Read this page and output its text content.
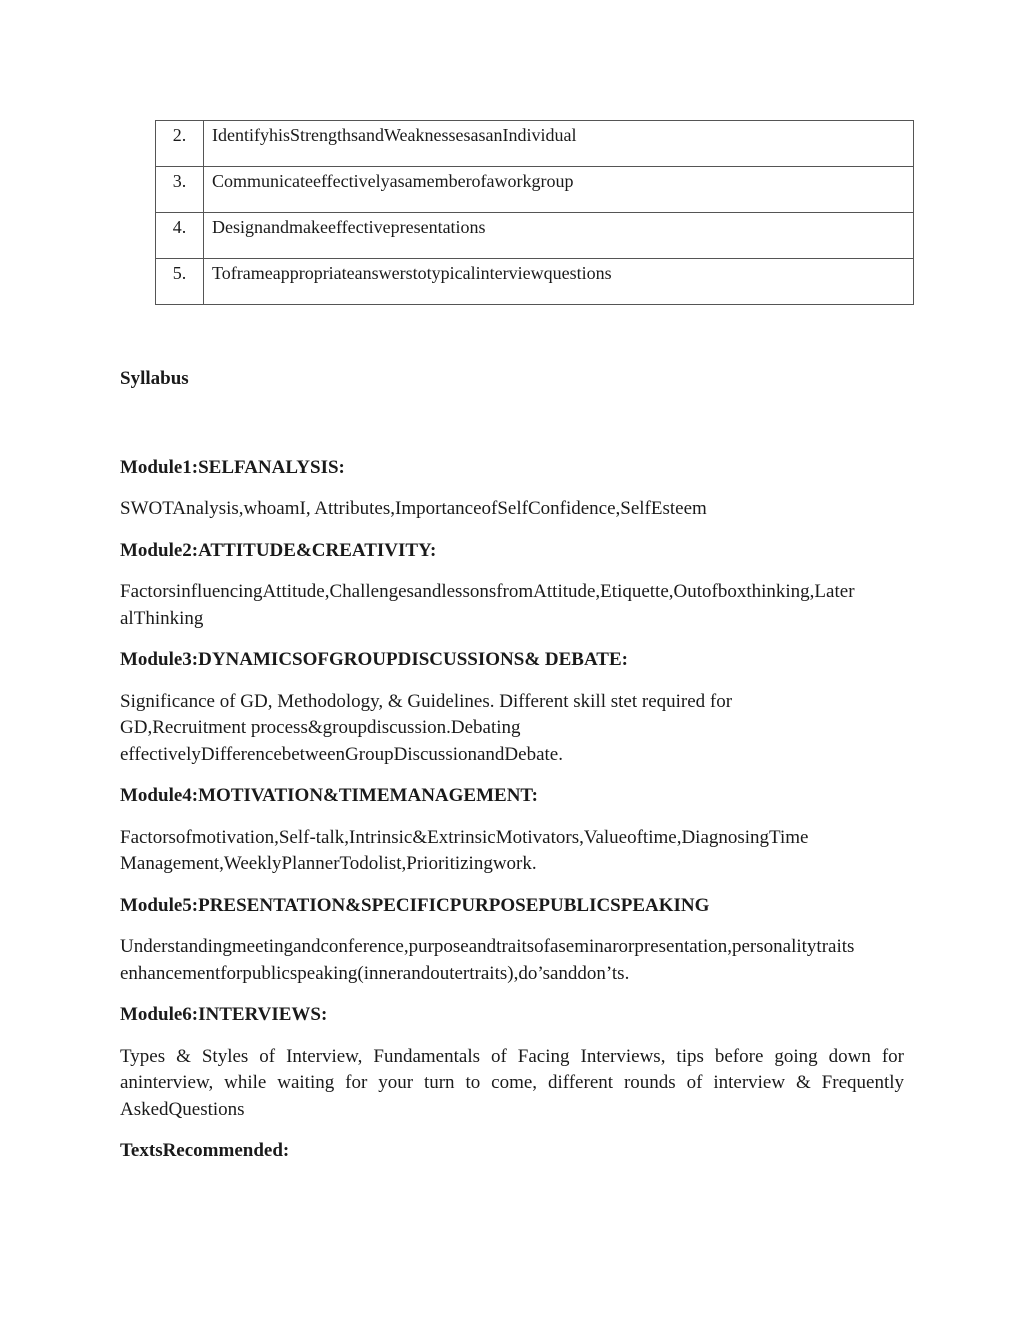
2.	IdentifyhisStrengthsandWeaknessesasanIndividual
3.	Communicateeffectivelyasamemberofaworkgroup
4.	Designandmakeeffectivepresentations
5.	Toframeappropriateanswerstotypicalinterviewquestions

Syllabus

Module1:SELFANALYSIS:

SWOTAnalysis,whoamI, Attributes,ImportanceofSelfConfidence,SelfEsteem

Module2:ATTITUDE&CREATIVITY:

FactorsinfluencingAttitude,ChallengesandlessonsfromAttitude,Etiquette,Outofboxthinking,Later
alThinking

Module3:DYNAMICSOFGROUPDISCUSSIONS& DEBATE:

Significance of GD, Methodology, & Guidelines. Different skill stet required for
GD,Recruitment process&groupdiscussion.Debating
effectivelyDifferencebetweenGroupDiscussionandDebate.

Module4:MOTIVATION&TIMEMANAGEMENT:

Factorsofmotivation,Self-talk,Intrinsic&ExtrinsicMotivators,Valueoftime,DiagnosingTime
Management,WeeklyPlannerTodolist,Prioritizingwork.

Module5:PRESENTATION&SPECIFICPURPOSEPUBLICSPEAKING

Understandingmeetingandconference,purposeandtraitsofaseminarorpresentation,personalitytraits
enhancementforpublicspeaking(innerandoutertraits),do’sanddon’ts.

Module6:INTERVIEWS:

Types & Styles of Interview, Fundamentals of Facing Interviews, tips before going down for aninterview, while waiting for your turn to come, different rounds of interview & Frequently AskedQuestions

TextsRecommended:
